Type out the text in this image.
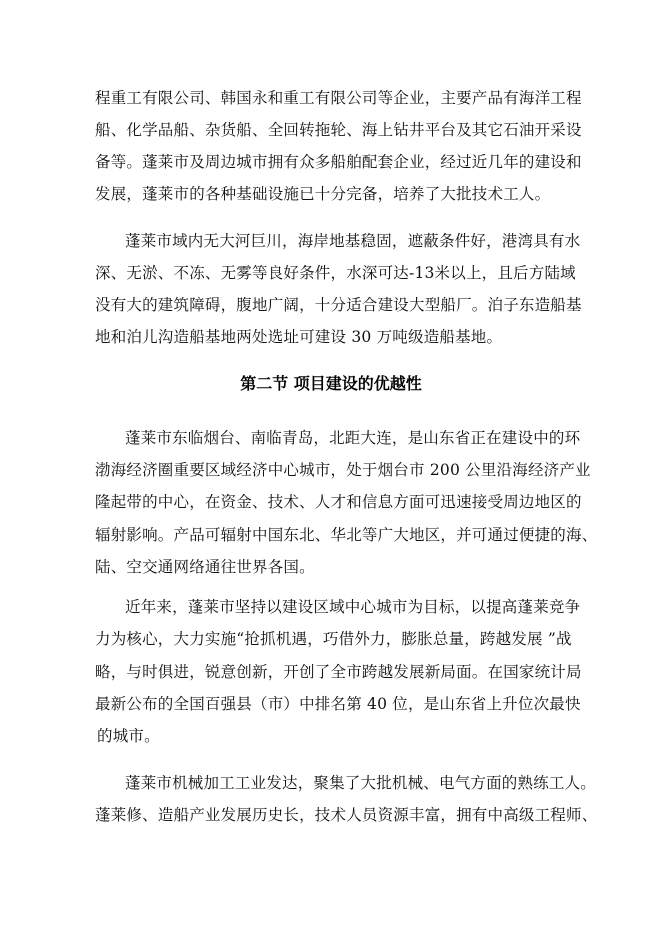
程重工有限公司、韩国永和重工有限公司等企业，主要产品有海洋工程
船、化学品船、杂货船、全回转拖轮、海上钻井平台及其它石油开采设
备等。蓬莱市及周边城市拥有众多船舶配套企业，经过近几年的建设和
发展，蓬莱市的各种基础设施已十分完备，培养了大批技术工人。
蓬莱市域内无大河巨川，海岸地基稳固，遮蔽条件好，港湾具有水
深、无淤、不冻、无雾等良好条件，水深可达-13米以上，且后方陆域
没有大的建筑障碍，腹地广阔，十分适合建设大型船厂。泊子东造船基
地和泊儿沟造船基地两处选址可建设 30 万吨级造船基地。
第二节 项目建设的优越性
蓬莱市东临烟台、南临青岛，北距大连，是山东省正在建设中的环
渤海经济圈重要区域经济中心城市，处于烟台市 200 公里沿海经济产业
隆起带的中心，在资金、技术、人才和信息方面可迅速接受周边地区的
辐射影响。产品可辐射中国东北、华北等广大地区，并可通过便捷的海、
陆、空交通网络通往世界各国。
近年来，蓬莱市坚持以建设区域中心城市为目标，以提高蓬莱竞争
力为核心，大力实施“抢抓机遇，巧借外力，膨胀总量，跨越发展 ”战
略，与时俱进，锐意创新，开创了全市跨越发展新局面。在国家统计局
最新公布的全国百强县（市）中排名第 40 位，是山东省上升位次最快
的城市。
蓬莱市机械加工工业发达，聚集了大批机械、电气方面的熟练工人。
蓬莱修、造船产业发展历史长，技术人员资源丰富，拥有中高级工程师、
